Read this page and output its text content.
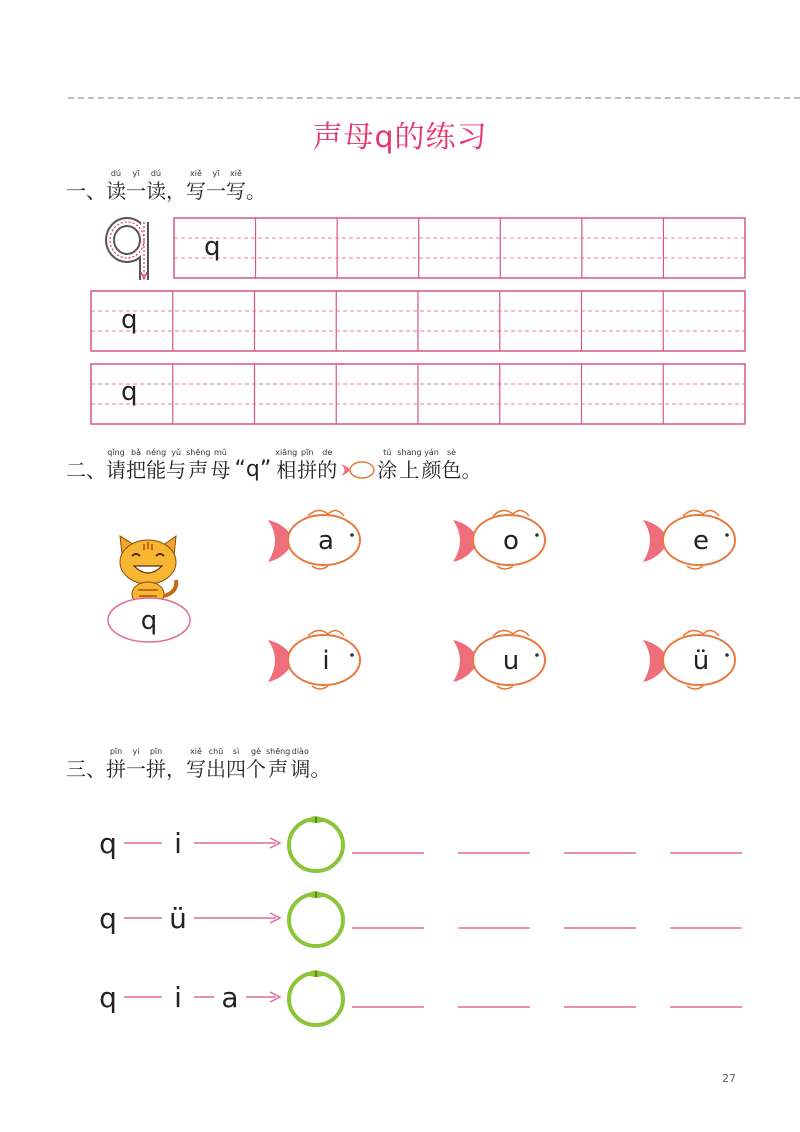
声母q的练习
一、
dú
读
yī
一
dú
读 ，
xiě
写
yī
一
xiě
写 。
q
q
q
二、
qǐng
请
bǎ
把
néng
能
yǔ
与
shēng
声
mǔ
母 “q”
xiāng
相
pīn
拼
de
的
tú
涂
shang
上
yán
颜
sè
色 。
q
a	o	e
i	u	ü
三、
pīn
拼
yi
一
pīn
拼 ，
xiě
写
chū
出
sì
四
gè
个
shēng
声
diào
调 。
q i
q ü
q i a
27
